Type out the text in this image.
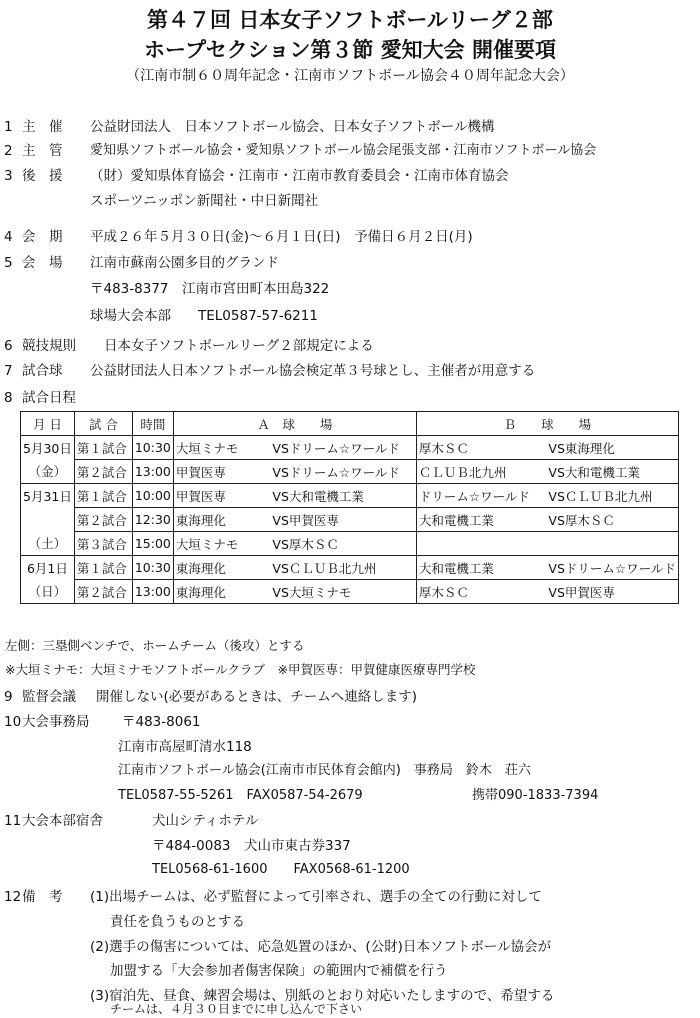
第４７回 日本女子ソフトボールリーグ２部
ホープセクション第３節 愛知大会 開催要項
（江南市制６０周年記念・江南市ソフトボール協会４０周年記念大会）
1 主　催 公益財団法人　日本ソフトボール協会、日本女子ソフトボール機構
2 主　管 愛知県ソフトボール協会・愛知県ソフトボール協会尾張支部・江南市ソフトボール協会
3 後　援 （財）愛知県体育協会・江南市・江南市教育委員会・江南市体育協会
スポーツニッポン新聞社・中日新聞社
4 会　期 平成２６年５月３０日(金)～６月１日(日)　予備日６月２日(月)
5 会　場 江南市蘇南公園多目的グランド
〒483-8377　江南市宮田町本田島322
球場大会本部　　TEL0587-57-6211
6 競技規則 日本女子ソフトボールリーグ２部規定による
7 試合球 公益財団法人日本ソフトボール協会検定革３号球とし、主催者が用意する
8 試合日程
月 日	試 合	時間	Ａ　球　　場		Ｂ　　球　　場	
5月30日	第１試合	10:30	大垣ミナモ	VSドリーム☆ワールド	厚木ＳＣ	VS東海理化
（金）	第２試合	13:00	甲賀医専	VSドリーム☆ワールド	ＣＬＵＢ北九州	VS大和電機工業
5月31日	第１試合	10:00	甲賀医専	VS大和電機工業	ドリーム☆ワールド	VSＣＬＵＢ北九州
	第２試合	12:30	東海理化	VS甲賀医専	大和電機工業	VS厚木ＳＣ
（土）	第３試合	15:00	大垣ミナモ	VS厚木ＳＣ		
6月1日	第１試合	10:30	東海理化	VSＣＬＵＢ北九州	大和電機工業	VSドリーム☆ワールド
（日）	第２試合	13:00	東海理化	VS大垣ミナモ	厚木ＳＣ	VS甲賀医専
左側：三塁側ベンチで、ホームチーム（後攻）とする
※大垣ミナモ：大垣ミナモソフトボールクラブ　※甲賀医専：甲賀健康医療専門学校
9 監督会議 開催しない(必要があるときは、チームへ連絡します)
10 大会事務局 〒483-8061
江南市高屋町清水118
江南市ソフトボール協会(江南市市民体育会館内)　事務局　鈴木　荘六
TEL0587-55-5261　FAX0587-54-2679	携帯090-1833-7394
11 大会本部宿舎	犬山シティホテル
〒484-0083　犬山市東古券337
TEL0568-61-1600　　FAX0568-61-1200
12 備　考 (1)出場チームは、必ず監督によって引率され、選手の全ての行動に対して
責任を負うものとする
(2)選手の傷害については、応急処置のほか、(公財)日本ソフトボール協会が
加盟する「大会参加者傷害保険」の範囲内で補償を行う
(3)宿泊先、昼食、練習会場は、別紙のとおり対応いたしますので、希望する
チームは、４月３０日までに申し込んで下さい
